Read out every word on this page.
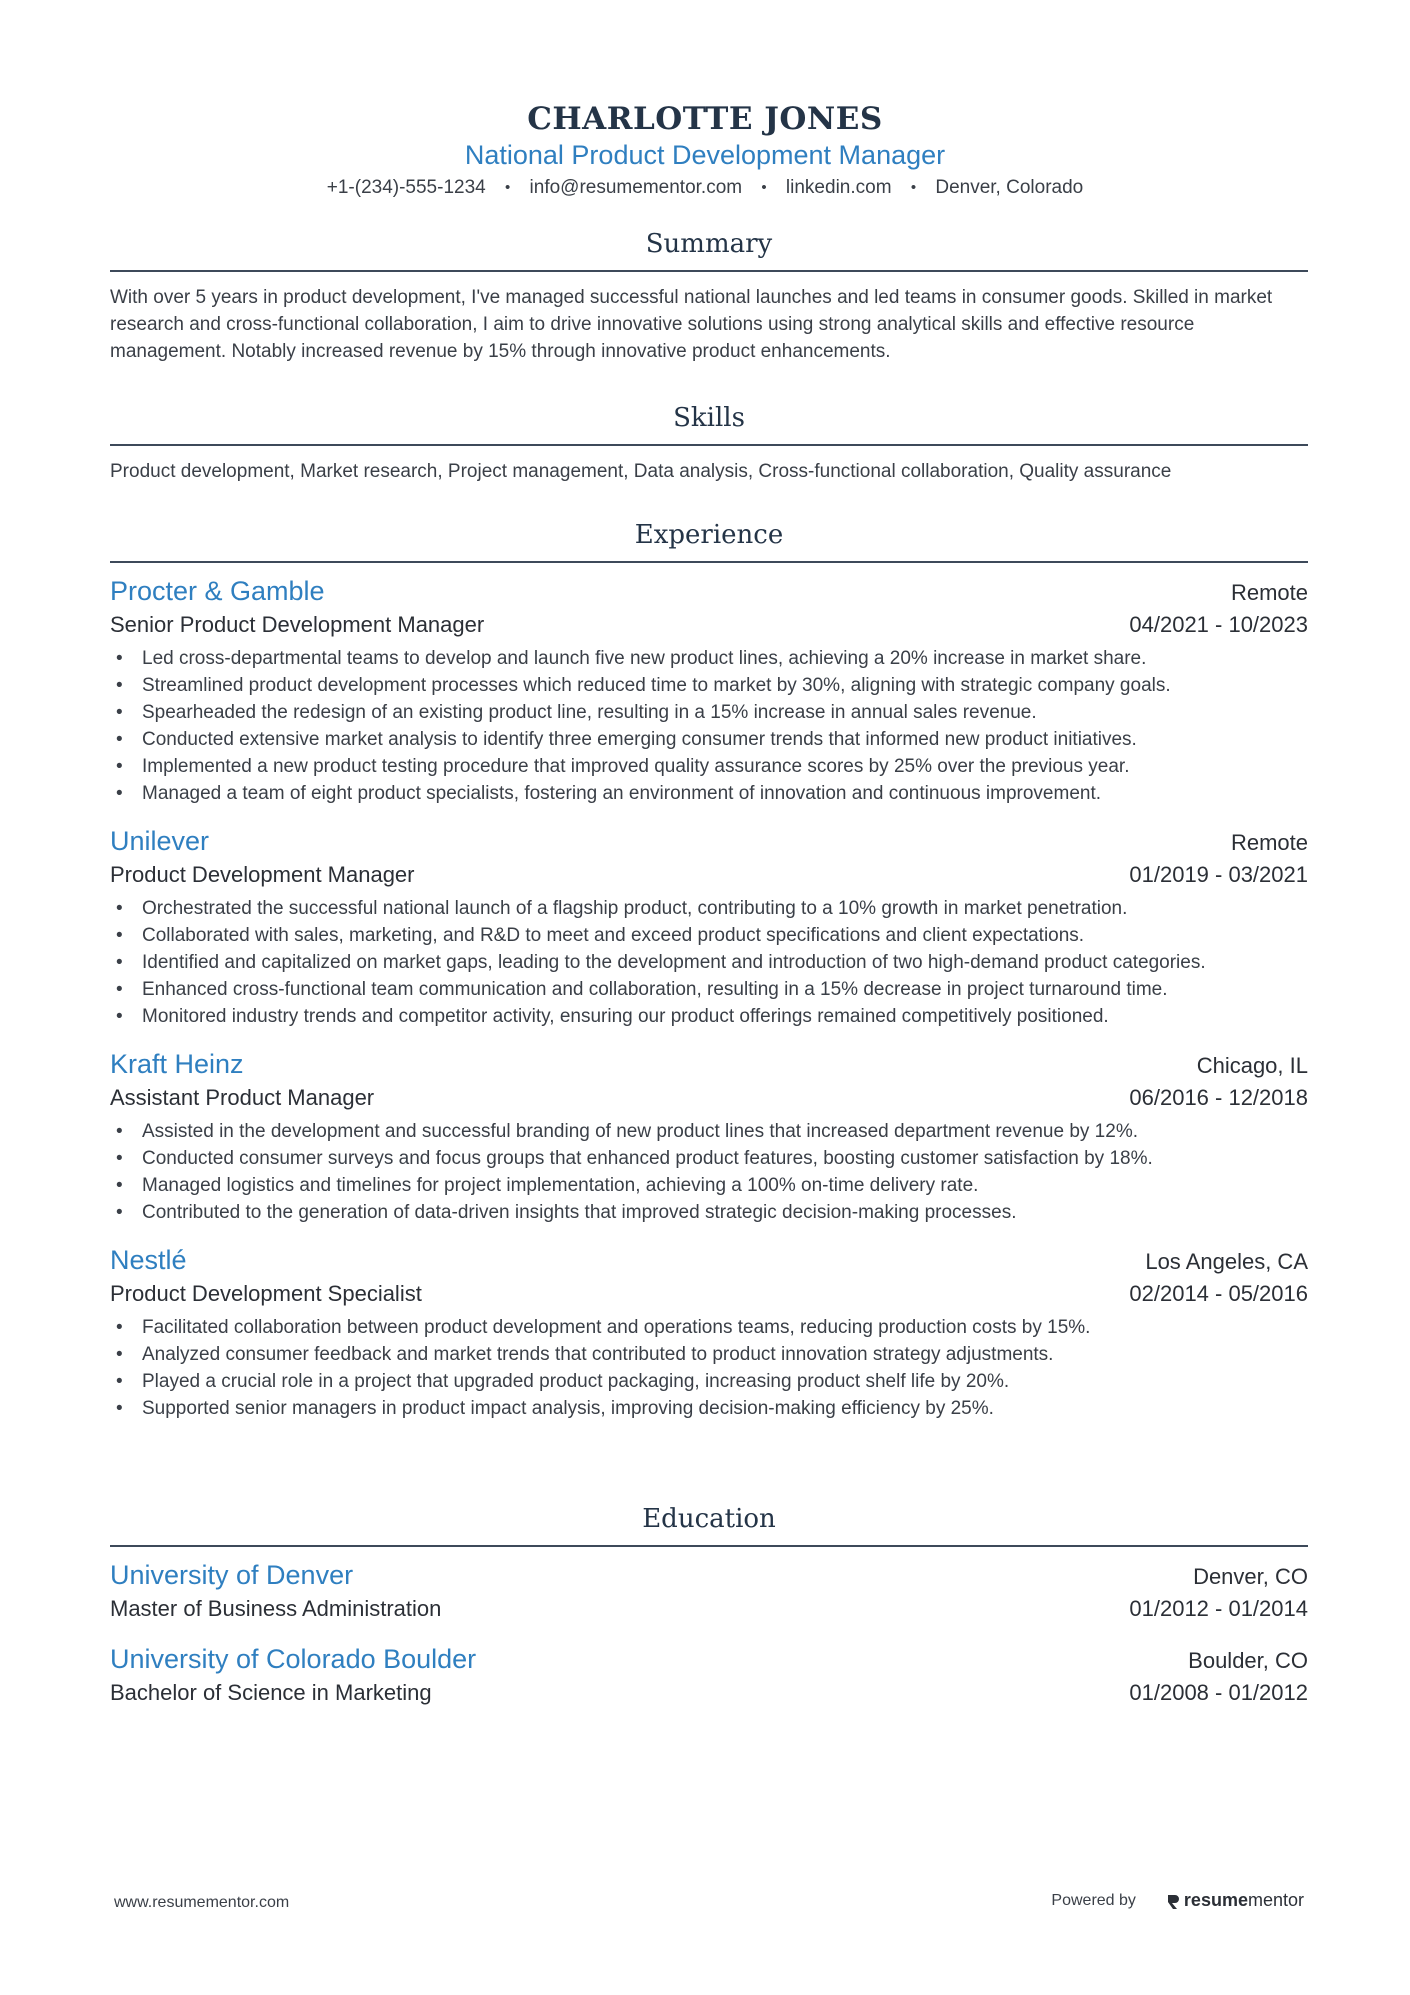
CHARLOTTE JONES
National Product Development Manager
+1-(234)-555-1234 • info@resumementor.com • linkedin.com • Denver, Colorado
Summary
With over 5 years in product development, I've managed successful national launches and led teams in consumer goods. Skilled in market research and cross-functional collaboration, I aim to drive innovative solutions using strong analytical skills and effective resource management. Notably increased revenue by 15% through innovative product enhancements.
Skills
Product development, Market research, Project management, Data analysis, Cross-functional collaboration, Quality assurance
Experience
Procter & Gamble	Remote
Senior Product Development Manager	04/2021 - 10/2023
• Led cross-departmental teams to develop and launch five new product lines, achieving a 20% increase in market share.
• Streamlined product development processes which reduced time to market by 30%, aligning with strategic company goals.
• Spearheaded the redesign of an existing product line, resulting in a 15% increase in annual sales revenue.
• Conducted extensive market analysis to identify three emerging consumer trends that informed new product initiatives.
• Implemented a new product testing procedure that improved quality assurance scores by 25% over the previous year.
• Managed a team of eight product specialists, fostering an environment of innovation and continuous improvement.
Unilever	Remote
Product Development Manager	01/2019 - 03/2021
• Orchestrated the successful national launch of a flagship product, contributing to a 10% growth in market penetration.
• Collaborated with sales, marketing, and R&D to meet and exceed product specifications and client expectations.
• Identified and capitalized on market gaps, leading to the development and introduction of two high-demand product categories.
• Enhanced cross-functional team communication and collaboration, resulting in a 15% decrease in project turnaround time.
• Monitored industry trends and competitor activity, ensuring our product offerings remained competitively positioned.
Kraft Heinz	Chicago, IL
Assistant Product Manager	06/2016 - 12/2018
• Assisted in the development and successful branding of new product lines that increased department revenue by 12%.
• Conducted consumer surveys and focus groups that enhanced product features, boosting customer satisfaction by 18%.
• Managed logistics and timelines for project implementation, achieving a 100% on-time delivery rate.
• Contributed to the generation of data-driven insights that improved strategic decision-making processes.
Nestlé	Los Angeles, CA
Product Development Specialist	02/2014 - 05/2016
• Facilitated collaboration between product development and operations teams, reducing production costs by 15%.
• Analyzed consumer feedback and market trends that contributed to product innovation strategy adjustments.
• Played a crucial role in a project that upgraded product packaging, increasing product shelf life by 20%.
• Supported senior managers in product impact analysis, improving decision-making efficiency by 25%.
Education
University of Denver	Denver, CO
Master of Business Administration	01/2012 - 01/2014
University of Colorado Boulder	Boulder, CO
Bachelor of Science in Marketing	01/2008 - 01/2012
www.resumementor.com	Powered by	resume mentor
